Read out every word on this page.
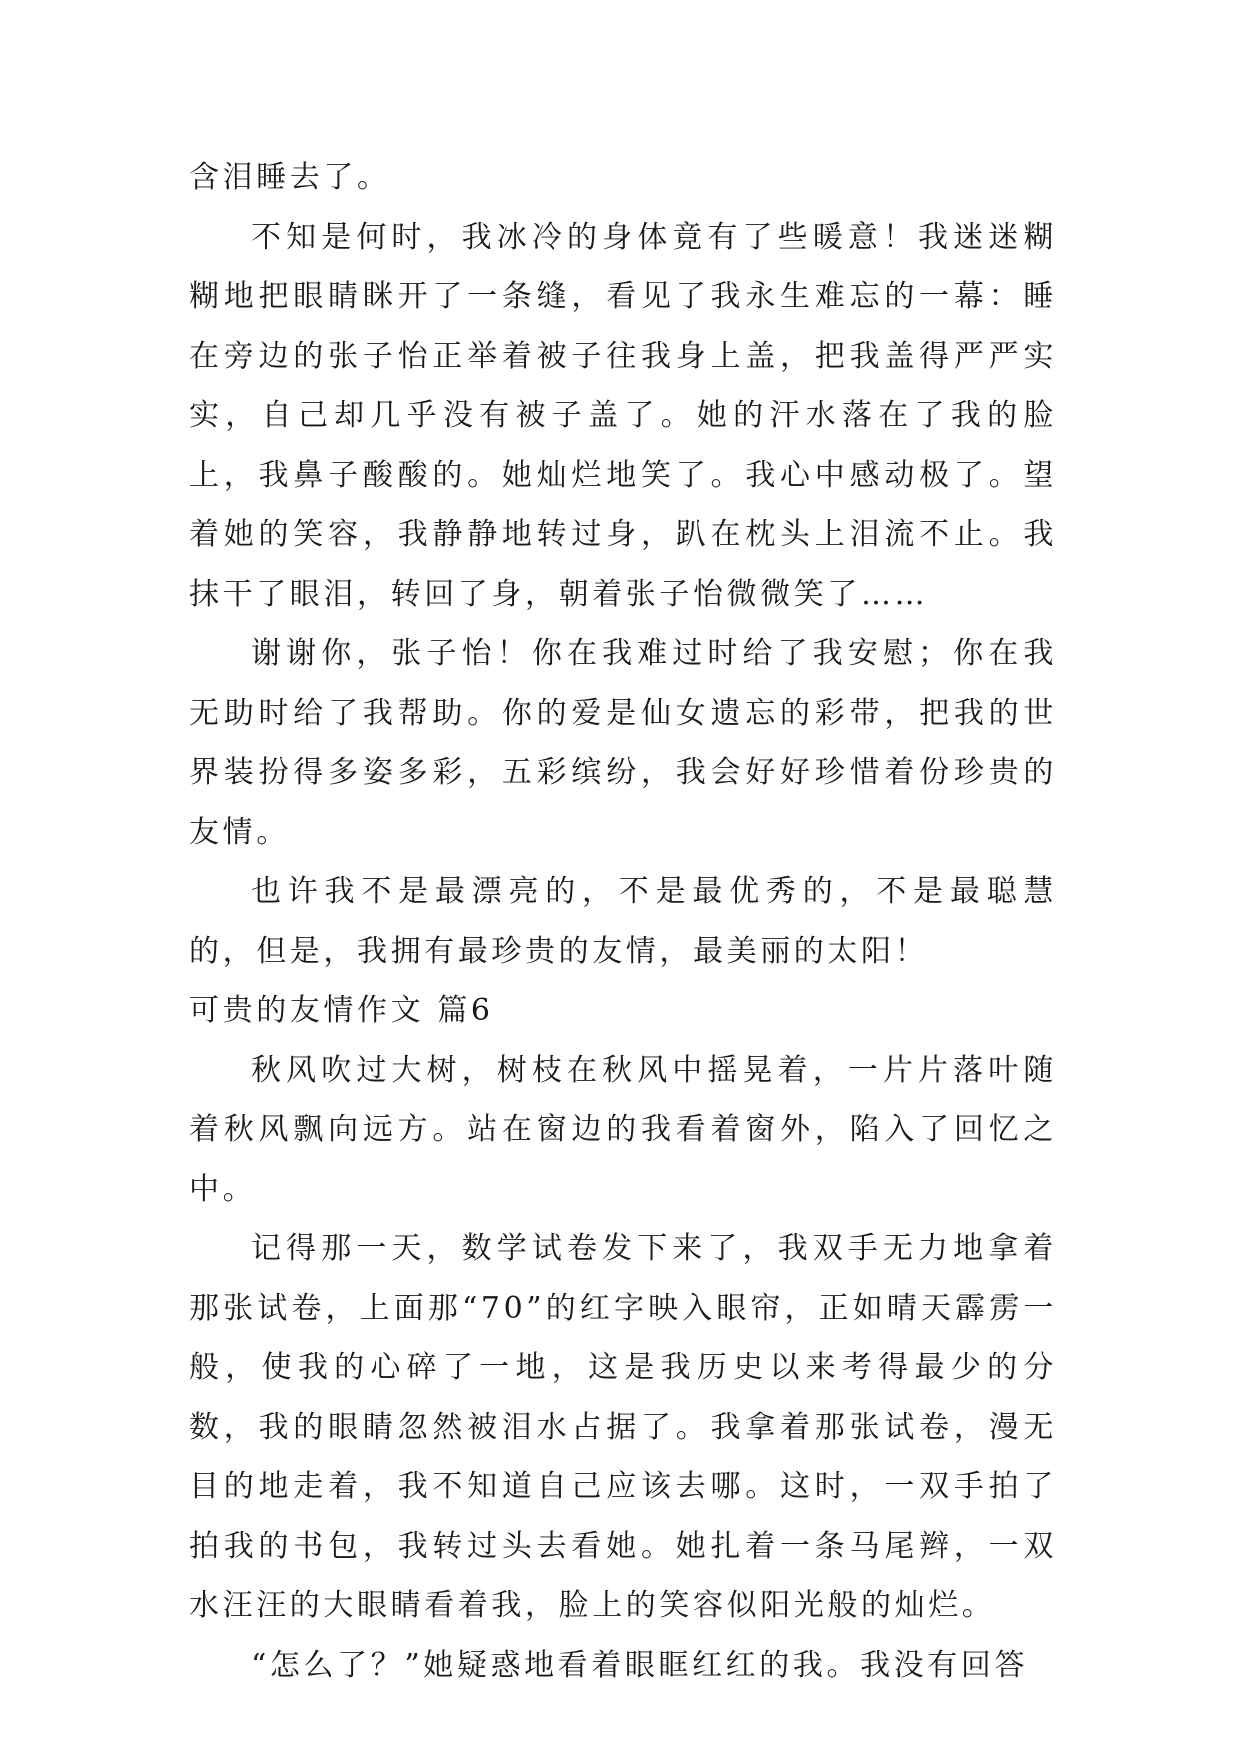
含泪睡去了。

不知是何时，我冰冷的身体竟有了些暖意！我迷迷糊糊地把眼睛眯开了一条缝，看见了我永生难忘的一幕：睡在旁边的张子怡正举着被子往我身上盖，把我盖得严严实实，自己却几乎没有被子盖了。她的汗水落在了我的脸上，我鼻子酸酸的。她灿烂地笑了。我心中感动极了。望着她的笑容，我静静地转过身，趴在枕头上泪流不止。我抹干了眼泪，转回了身，朝着张子怡微微笑了……

谢谢你，张子怡！你在我难过时给了我安慰；你在我无助时给了我帮助。你的爱是仙女遗忘的彩带，把我的世界装扮得多姿多彩，五彩缤纷，我会好好珍惜着份珍贵的友情。

也许我不是最漂亮的，不是最优秀的，不是最聪慧的，但是，我拥有最珍贵的友情，最美丽的太阳！

可贵的友情作文 篇6

秋风吹过大树，树枝在秋风中摇晃着，一片片落叶随着秋风飘向远方。站在窗边的我看着窗外，陷入了回忆之中。

记得那一天，数学试卷发下来了，我双手无力地拿着那张试卷，上面那“70”的红字映入眼帘，正如晴天霹雳一般，使我的心碎了一地，这是我历史以来考得最少的分数，我的眼睛忽然被泪水占据了。我拿着那张试卷，漫无目的地走着，我不知道自己应该去哪。这时，一双手拍了拍我的书包，我转过头去看她。她扎着一条马尾辫，一双水汪汪的大眼睛看着我，脸上的笑容似阳光般的灿烂。

“怎么了？”她疑惑地看着眼眶红红的我。我没有回答
